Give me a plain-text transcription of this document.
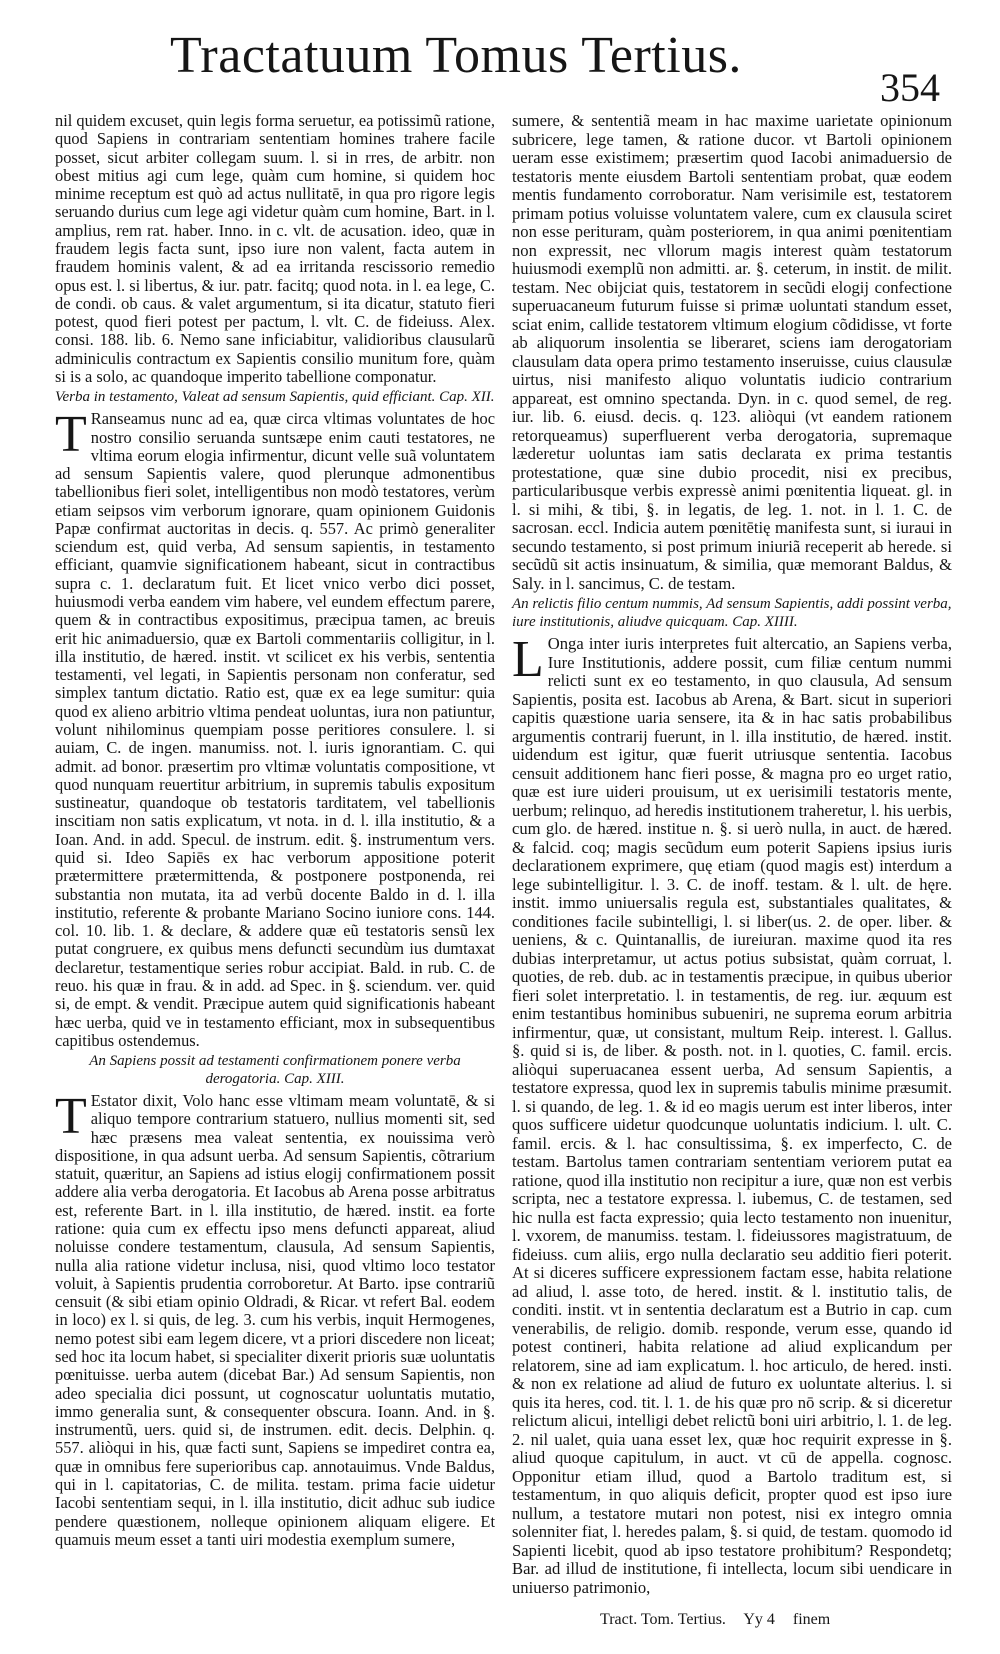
Tractatuum Tomus Tertius.
354

nil quidem excuset, quin legis forma seruetur, ea potissimũ ratione, quod Sapiens in contrariam sententiam homines trahere facile posset, sicut arbiter collegam suum. l. si in rres, de arbitr. non obest mitius agi cum lege, quàm cum homine, si quidem hoc minime receptum est quò ad actus nullitatē, in qua pro rigore legis seruando durius cum lege agi videtur quàm cum homine, Bart. in l. amplius, rem rat. haber. Inno. in c. vlt. de acusation. ideo, quæ in fraudem legis facta sunt, ipso iure non valent, facta autem in fraudem hominis valent, & ad ea irritanda rescissorio remedio opus est. l. si libertus, & iur. patr. facitq; quod nota. in l. ea lege, C. de condi. ob caus. & valet argumentum, si ita dicatur, statuto fieri potest, quod fieri potest per pactum, l. vlt. C. de fideiuss. Alex. consi. 188. lib. 6. Nemo sane inficiabitur, validioribus clausularũ adminiculis contractum ex Sapientis consilio munitum fore, quàm si is a solo, ac quandoque imperito tabellione componatur.

Verba in testamento, Valeat ad sensum Sapientis, quid efficiant. Cap. XII.

T Ranseamus nunc ad ea, quæ circa vltimas voluntates de hoc nostro consilio seruanda suntsæpe enim cauti testatores, ne vltima eorum elogia infirmentur, dicunt velle suã voluntatem ad sensum Sapientis valere, quod plerunque admonentibus tabellionibus fieri solet, intelligentibus non modò testatores, verùm etiam seipsos vim verborum ignorare, quam opinionem Guidonis Papæ confirmat auctoritas in decis. q. 557. Ac primò generaliter sciendum est, quid verba, Ad sensum sapientis, in testamento efficiant, quamvie significationem habeant, sicut in contractibus supra c. 1. declaratum fuit. Et licet vnico verbo dici posset, huiusmodi verba eandem vim habere, vel eundem effectum parere, quem & in contractibus expositimus, præcipua tamen, ac breuis erit hic animaduersio, quæ ex Bartoli commentariis colligitur, in l. illa institutio, de hæred. instit. vt scilicet ex his verbis, sententia testamenti, vel legati, in Sapientis personam non conferatur, sed simplex tantum dictatio. Ratio est, quæ ex ea lege sumitur: quia quod ex alieno arbitrio vltima pendeat uoluntas, iura non patiuntur, volunt nihilominus quempiam posse peritiores consulere. l. si auiam, C. de ingen. manumiss. not. l. iuris ignorantiam. C. qui admit. ad bonor. præsertim pro vltimæ voluntatis compositione, vt quod nunquam reuertitur arbitrium, in supremis tabulis expositum sustineatur, quandoque ob testatoris tarditatem, vel tabellionis inscitiam non satis explicatum, vt nota. in d. l. illa institutio, & a Ioan. And. in add. Specul. de instrum. edit. §. instrumentum vers. quid si. Ideo Sapiēs ex hac verborum appositione poterit prætermittere prætermittenda, & postponere postponenda, rei substantia non mutata, ita ad verbũ docente Baldo in d. l. illa institutio, referente & probante Mariano Socino iuniore cons. 144. col. 10. lib. 1. & declare, & addere quæ eũ testatoris sensũ lex putat congruere, ex quibus mens defuncti secundùm ius dumtaxat declaretur, testamentique series robur accipiat. Bald. in rub. C. de reuo. his quæ in frau. & in add. ad Spec. in §. sciendum. ver. quid si, de empt. & vendit. Præcipue autem quid significationis habeant hæc uerba, quid ve in testamento efficiant, mox in subsequentibus capitibus ostendemus.

An Sapiens possit ad testamenti confirmationem ponere verba derogatoria. Cap. XIII.

T Estator dixit, Volo hanc esse vltimam meam voluntatē, & si aliquo tempore contrarium statuero, nullius momenti sit, sed hæc præsens mea valeat sententia, ex nouissima verò dispositione, in qua adsunt uerba. Ad sensum Sapientis, cõtrarium statuit, quæritur, an Sapiens ad istius elogij confirmationem possit addere alia verba derogatoria. Et Iacobus ab Arena posse arbitratus est, referente Bart. in l. illa institutio, de hæred. instit. ea forte ratione: quia cum ex effectu ipso mens defuncti appareat, aliud noluisse condere testamentum, clausula, Ad sensum Sapientis, nulla alia ratione videtur inclusa, nisi, quod vltimo loco testator voluit, à Sapientis prudentia corroboretur. At Barto. ipse contrariũ censuit (& sibi etiam opinio Oldradi, & Ricar. vt refert Bal. eodem in loco) ex l. si quis, de leg. 3. cum his verbis, inquit Hermogenes, nemo potest sibi eam legem dicere, vt a priori discedere non liceat; sed hoc ita locum habet, si specialiter dixerit prioris suæ uoluntatis pœnituisse. uerba autem (dicebat Bar.) Ad sensum Sapientis, non adeo specialia dici possunt, ut cognoscatur uoluntatis mutatio, immo generalia sunt, & consequenter obscura. Ioann. And. in §. instrumentũ, uers. quid si, de instrumen. edit. decis. Delphin. q. 557. aliòqui in his, quæ facti sunt, Sapiens se impediret contra ea, quæ in omnibus fere superioribus cap. annotauimus. Vnde Baldus, qui in l. capitatorias, C. de milita. testam. prima facie uidetur Iacobi sententiam sequi, in l. illa institutio, dicit adhuc sub iudice pendere quæstionem, nolleque opinionem aliquam eligere. Et quamuis meum esset a tanti uiri modestia exemplum sumere,

sumere, & sententiã meam in hac maxime uarietate opinionum subricere, lege tamen, & ratione ducor. vt Bartoli opinionem ueram esse existimem; præsertim quod Iacobi animaduersio de testatoris mente eiusdem Bartoli sententiam probat, quæ eodem mentis fundamento corroboratur. Nam verisimile est, testatorem primam potius voluisse voluntatem valere, cum ex clausula sciret non esse perituram, quàm posteriorem, in qua animi pœnitentiam non expressit, nec vllorum magis interest quàm testatorum huiusmodi exemplũ non admitti. ar. §. ceterum, in instit. de milit. testam. Nec obijciat quis, testatorem in secũdi elogij confectione superuacaneum futurum fuisse si primæ uoluntati standum esset, sciat enim, callide testatorem vltimum elogium cõdidisse, vt forte ab aliquorum insolentia se liberaret, sciens iam derogatoriam clausulam data opera primo testamento inseruisse, cuius clausulæ uirtus, nisi manifesto aliquo voluntatis iudicio contrarium appareat, est omnino spectanda. Dyn. in c. quod semel, de reg. iur. lib. 6. eiusd. decis. q. 123. aliòqui (vt eandem rationem retorqueamus) superfluerent verba derogatoria, supremaque læderetur uoluntas iam satis declarata ex prima testantis protestatione, quæ sine dubio procedit, nisi ex precibus, particularibusque verbis expressè animi pœnitentia liqueat. gl. in l. si mihi, & tibi, §. in legatis, de leg. 1. not. in l. 1. C. de sacrosan. eccl. Indicia autem pœnitētię manifesta sunt, si iuraui in secundo testamento, si post primum iniuriã receperit ab herede. si secũdũ sit actis insinuatum, & similia, quæ memorant Baldus, & Saly. in l. sancimus, C. de testam.

An relictis filio centum nummis, Ad sensum Sapientis, addi possint verba, iure institutionis, aliudve quicquam. Cap. XIIII.

L Onga inter iuris interpretes fuit altercatio, an Sapiens verba, Iure Institutionis, addere possit, cum filiæ centum nummi relicti sunt ex eo testamento, in quo clausula, Ad sensum Sapientis, posita est. Iacobus ab Arena, & Bart. sicut in superiori capitis quæstione uaria sensere, ita & in hac satis probabilibus argumentis contrarij fuerunt, in l. illa institutio, de hæred. instit. uidendum est igitur, quæ fuerit utriusque sententia. Iacobus censuit additionem hanc fieri posse, & magna pro eo urget ratio, quæ est iure uideri prouisum, ut ex uerisimili testatoris mente, uerbum; relinquo, ad heredis institutionem traheretur, l. his uerbis, cum glo. de hæred. institue n. §. si uerò nulla, in auct. de hæred. & falcid. coq; magis secũdum eum poterit Sapiens ipsius iuris declarationem exprimere, quę etiam (quod magis est) interdum a lege subintelligitur. l. 3. C. de inoff. testam. & l. ult. de hęre. instit. immo uniuersalis regula est, substantiales qualitates, & conditiones facile subintelligi, l. si liber(us. 2. de oper. liber. & ueniens, & c. Quintanallis, de iureiuran. maxime quod ita res dubias interpretamur, ut actus potius subsistat, quàm corruat, l. quoties, de reb. dub. ac in testamentis præcipue, in quibus uberior fieri solet interpretatio. l. in testamentis, de reg. iur. æquum est enim testantibus hominibus subueniri, ne suprema eorum arbitria infirmentur, quæ, ut consistant, multum Reip. interest. l. Gallus. §. quid si is, de liber. & posth. not. in l. quoties, C. famil. ercis. aliòqui superuacanea essent uerba, Ad sensum Sapientis, a testatore expressa, quod lex in supremis tabulis minime præsumit. l. si quando, de leg. 1. & id eo magis uerum est inter liberos, inter quos sufficere uidetur quodcunque uoluntatis indicium. l. ult. C. famil. ercis. & l. hac consultissima, §. ex imperfecto, C. de testam. Bartolus tamen contrariam sententiam veriorem putat ea ratione, quod illa institutio non recipitur a iure, quæ non est verbis scripta, nec a testatore expressa. l. iubemus, C. de testamen, sed hic nulla est facta expressio; quia lecto testamento non inuenitur, l. vxorem, de manumiss. testam. l. fideiussores magistratuum, de fideiuss. cum aliis, ergo nulla declaratio seu additio fieri poterit. At si diceres sufficere expressionem factam esse, habita relatione ad aliud, l. asse toto, de hered. instit. & l. institutio talis, de conditi. instit. vt in sententia declaratum est a Butrio in cap. cum venerabilis, de religio. domib. responde, verum esse, quando id potest contineri, habita relatione ad aliud explicandum per relatorem, sine ad iam explicatum. l. hoc articulo, de hered. insti. & non ex relatione ad aliud de futuro ex uoluntate alterius. l. si quis ita heres, cod. tit. l. 1. de his quæ pro nō scrip. & si diceretur relictum alicui, intelligi debet relictũ boni uiri arbitrio, l. 1. de leg. 2. nil ualet, quia uana esset lex, quæ hoc requirit expresse in §. aliud quoque capitulum, in auct. vt cū de appella. cognosc. Opponitur etiam illud, quod a Bartolo traditum est, si testamentum, in quo aliquis deficit, propter quod est ipso iure nullum, a testatore mutari non potest, nisi ex integro omnia solenniter fiat, l. heredes palam, §. si quid, de testam. quomodo id Sapienti licebit, quod ab ipso testatore prohibitum? Respondetq; Bar. ad illud de institutione, fi intellecta, locum sibi uendicare in uniuerso patrimonio,

Tract. Tom. Tertius. Yy 4 finem
